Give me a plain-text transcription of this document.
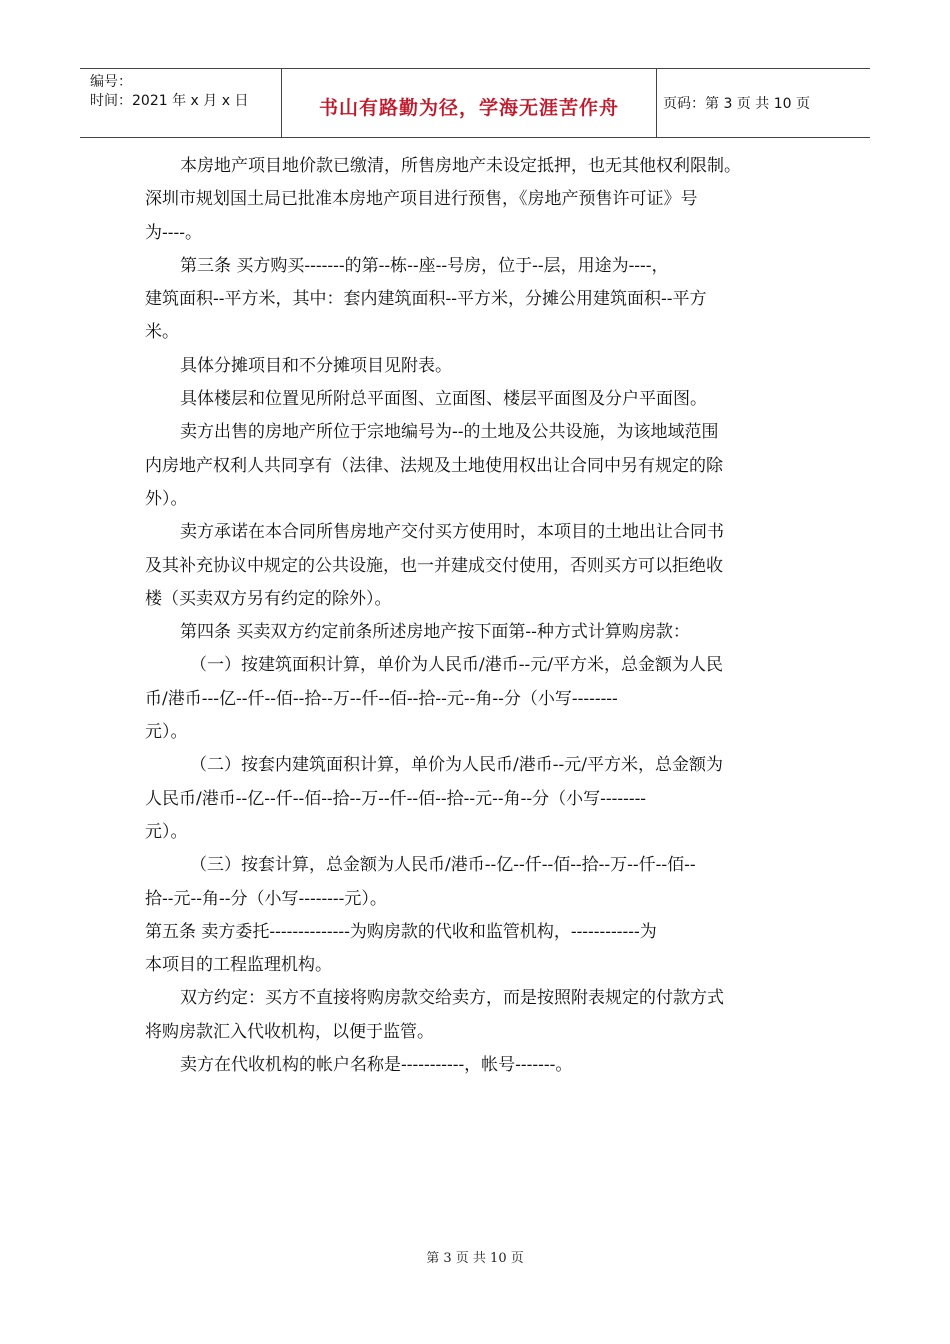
编号：
时间：2021 年 x 月 x 日	书山有路勤为径，学海无涯苦作舟	页码：第 3 页 共 10 页

本房地产项目地价款已缴清，所售房地产未设定抵押，也无其他权利限制。

深圳市规划国土局已批准本房地产项目进行预售，《房地产预售许可证》号

为----。

第三条 买方购买-------的第--栋--座--号房，位于--层，用途为----，

建筑面积--平方米，其中：套内建筑面积--平方米，分摊公用建筑面积--平方

米。

具体分摊项目和不分摊项目见附表。

具体楼层和位置见所附总平面图、立面图、楼层平面图及分户平面图。

卖方出售的房地产所位于宗地编号为--的土地及公共设施，为该地域范围

内房地产权利人共同享有（法律、法规及土地使用权出让合同中另有规定的除

外）。

卖方承诺在本合同所售房地产交付买方使用时，本项目的土地出让合同书

及其补充协议中规定的公共设施，也一并建成交付使用，否则买方可以拒绝收

楼（买卖双方另有约定的除外）。

第四条 买卖双方约定前条所述房地产按下面第--种方式计算购房款：

（一）按建筑面积计算，单价为人民币/港币--元/平方米，总金额为人民

币/港币---亿--仟--佰--拾--万--仟--佰--拾--元--角--分（小写--------

元）。

（二）按套内建筑面积计算，单价为人民币/港币--元/平方米，总金额为

人民币/港币--亿--仟--佰--拾--万--仟--佰--拾--元--角--分（小写--------

元）。

（三）按套计算，总金额为人民币/港币--亿--仟--佰--拾--万--仟--佰--

拾--元--角--分（小写--------元）。

第五条 卖方委托--------------为购房款的代收和监管机构，------------为

本项目的工程监理机构。

双方约定：买方不直接将购房款交给卖方，而是按照附表规定的付款方式

将购房款汇入代收机构，以便于监管。

卖方在代收机构的帐户名称是-----------，帐号-------。

第 3 页 共 10 页
